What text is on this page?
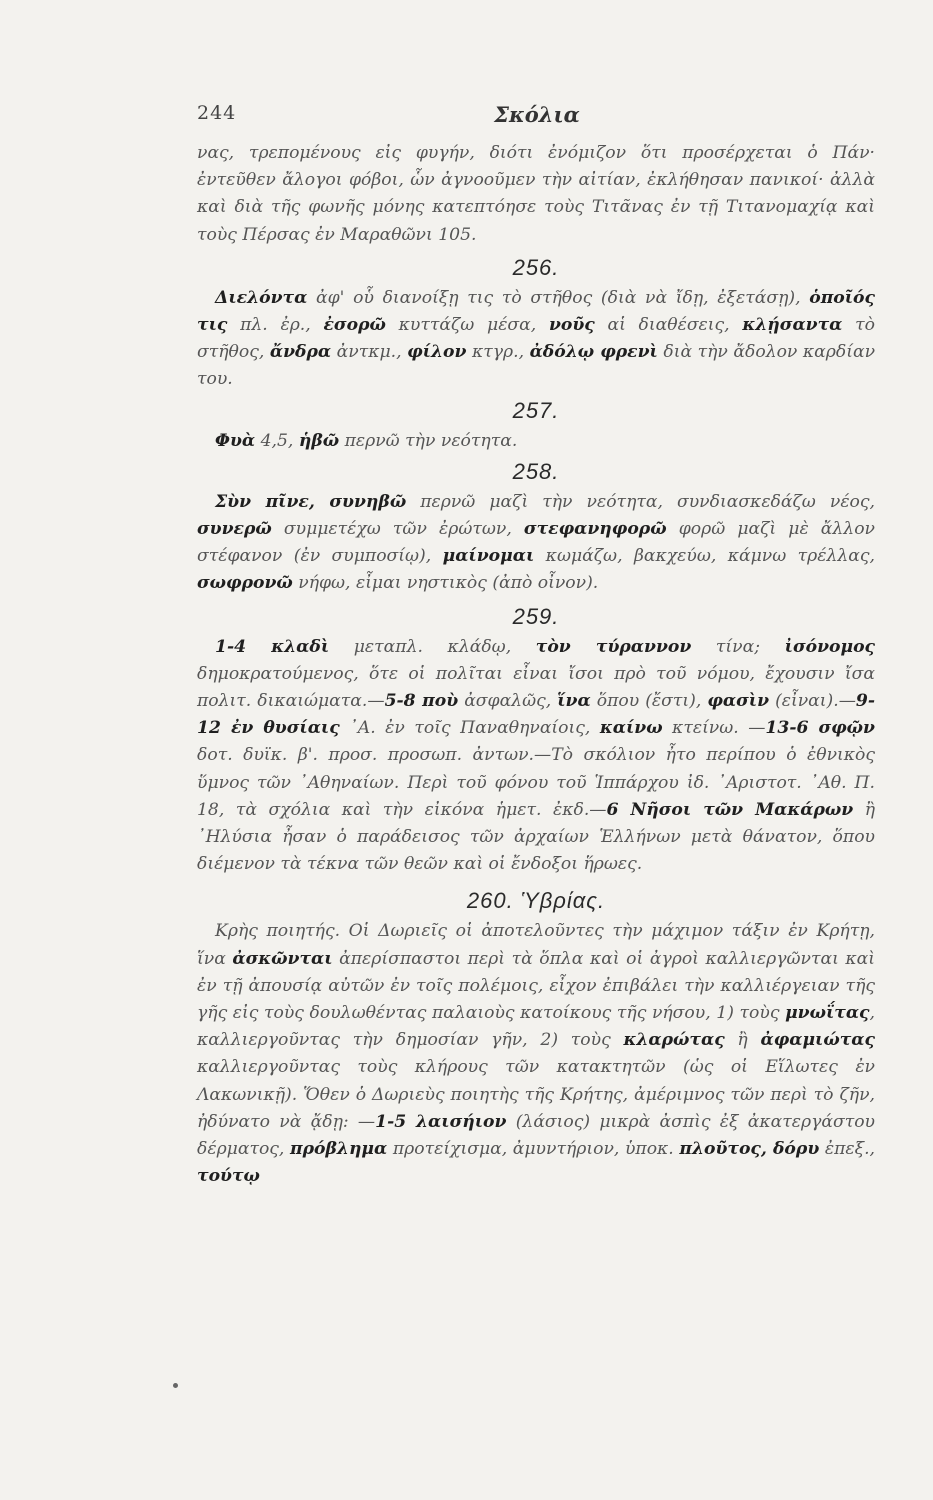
244	Σκόλια

νας, τρεπομένους εἰς φυγήν, διότι ἐνόμιζον ὅτι προσέρχεται ὁ Πάν· ἐντεῦθεν ἄλογοι φόβοι, ὧν ἀγνοοῦμεν τὴν αἰτίαν, ἐκλήθησαν πανικοί· ἀλλὰ καὶ διὰ τῆς φωνῆς μόνης κατεπτόησε τοὺς Τιτᾶνας ἐν τῇ Τιτανομαχίᾳ καὶ τοὺς Πέρσας ἐν Μαραθῶνι 105.

256.

Διελόντα ἀφ' οὗ διανοίξῃ τις τὸ στῆθος (διὰ νὰ ἴδῃ, ἐξετάσῃ), ὁποῖός τις πλ. ἐρ., ἐσορῶ κυττάζω μέσα, νοῦς αἱ διαθέσεις, κλῄσαντα τὸ στῆθος, ἄνδρα ἀντκμ., φίλον κτγρ., ἀδόλῳ φρενὶ διὰ τὴν ἄδολον καρδίαν του.

257.

Φυὰ 4,5, ἡβῶ περνῶ τὴν νεότητα.

258.

Σὺν πῖνε, συνηβῶ περνῶ μαζὶ τὴν νεότητα, συνδιασκεδάζω νέος, συνερῶ συμμετέχω τῶν ἐρώτων, στεφανηφορῶ φορῶ μαζὶ μὲ ἄλλον στέφανον (ἐν συμποσίῳ), μαίνομαι κωμάζω, βακχεύω, κάμνω τρέλλας, σωφρονῶ νήφω, εἶμαι νηστικὸς (ἀπὸ οἶνον).

259.

1-4 κλαδὶ μεταπλ. κλάδῳ, τὸν τύραννον τίνα; ἰσόνομος δημοκρατούμενος, ὅτε οἱ πολῖται εἶναι ἴσοι πρὸ τοῦ νόμου, ἔχουσιν ἴσα πολιτ. δικαιώματα.—5-8 ποὺ ἀσφαλῶς, ἵνα ὅπου (ἔστι), φασὶν (εἶναι).—9-12 ἐν θυσίαις ᾿Α. ἐν τοῖς Παναθηναίοις, καίνω κτείνω. —13-6 σφῷν δοτ. δυϊκ. β'. προσ. προσωπ. ἀντων.—Τὸ σκόλιον ἦτο περίπου ὁ ἐθνικὸς ὕμνος τῶν ᾿Αθηναίων. Περὶ τοῦ φόνου τοῦ Ἱππάρχου ἰδ. ᾿Αριστοτ. ᾿Αθ. Π. 18, τὰ σχόλια καὶ τὴν εἰκόνα ἡμετ. ἐκδ.—6 Νῆσοι τῶν Μακάρων ἢ ᾿Ηλύσια ἦσαν ὁ παράδεισος τῶν ἀρχαίων Ἑλλήνων μετὰ θάνατον, ὅπου διέμενον τὰ τέκνα τῶν θεῶν καὶ οἱ ἔνδοξοι ἥρωες.

260. Ὑβρίας.

Κρὴς ποιητής. Οἱ Δωριεῖς οἱ ἀποτελοῦντες τὴν μάχιμον τάξιν ἐν Κρήτῃ, ἵνα ἀσκῶνται ἀπερίσπαστοι περὶ τὰ ὅπλα καὶ οἱ ἀγροὶ καλλιεργῶνται καὶ ἐν τῇ ἀπουσίᾳ αὐτῶν ἐν τοῖς πολέμοις, εἶχον ἐπιβάλει τὴν καλλιέργειαν τῆς γῆς εἰς τοὺς δουλωθέντας παλαιοὺς κατοίκους τῆς νήσου, 1) τοὺς μνωΐτας, καλλιεργοῦντας τὴν δημοσίαν γῆν, 2) τοὺς κλαρώτας ἢ ἀφαμιώτας καλλιεργοῦντας τοὺς κλήρους τῶν κατακτητῶν (ὡς οἱ Εἵλωτες ἐν Λακωνικῇ). Ὅθεν ὁ Δωριεὺς ποιητὴς τῆς Κρήτης, ἀμέριμνος τῶν περὶ τὸ ζῆν, ἠδύνατο νὰ ᾄδῃ: —1-5 λαισήιον (λάσιος) μικρὰ ἀσπὶς ἐξ ἀκατεργάστου δέρματος, πρόβλημα προτείχισμα, ἀμυντήριον, ὑποκ. πλοῦτος, δόρυ ἐπεξ., τούτῳ
